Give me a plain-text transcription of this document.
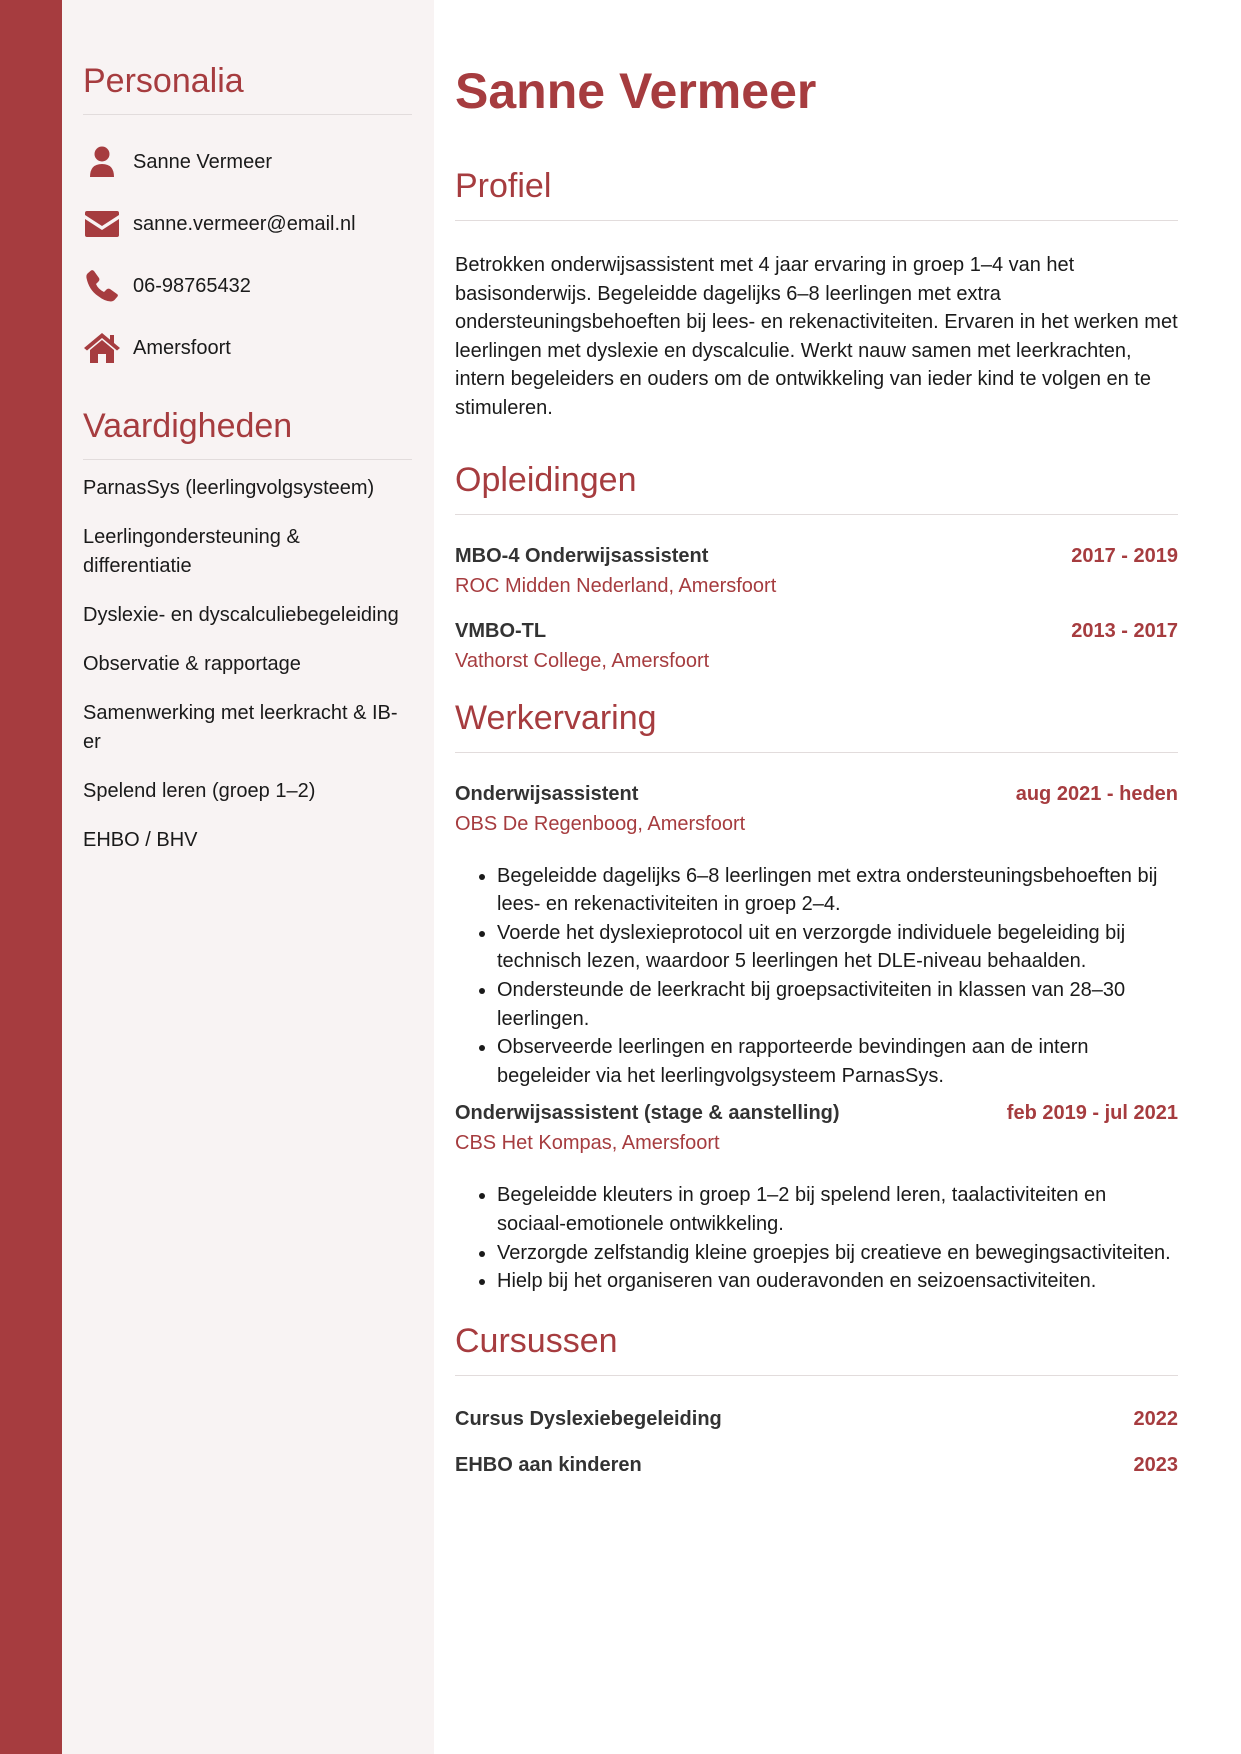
Personalia
Sanne Vermeer
sanne.vermeer@email.nl
06-98765432
Amersfoort
Vaardigheden
ParnasSys (leerlingvolgsysteem)
Leerlingondersteuning & differentiatie
Dyslexie- en dyscalculiebegeleiding
Observatie & rapportage
Samenwerking met leerkracht & IB-er
Spelend leren (groep 1–2)
EHBO / BHV
Sanne Vermeer
Profiel

Betrokken onderwijsassistent met 4 jaar ervaring in groep 1–4 van het basisonderwijs. Begeleidde dagelijks 6–8 leerlingen met extra ondersteuningsbehoeften bij lees- en rekenactiviteiten. Ervaren in het werken met leerlingen met dyslexie en dyscalculie. Werkt nauw samen met leerkrachten, intern begeleiders en ouders om de ontwikkeling van ieder kind te volgen en te stimuleren.

Opleidingen
MBO-4 Onderwijsassistent	2017 - 2019
ROC Midden Nederland, Amersfoort
VMBO-TL	2013 - 2017
Vathorst College, Amersfoort
Werkervaring
Onderwijsassistent	aug 2021 - heden
OBS De Regenboog, Amersfoort
• Begeleidde dagelijks 6–8 leerlingen met extra ondersteuningsbehoeften bij lees- en rekenactiviteiten in groep 2–4.
• Voerde het dyslexieprotocol uit en verzorgde individuele begeleiding bij technisch lezen, waardoor 5 leerlingen het DLE-niveau behaalden.
• Ondersteunde de leerkracht bij groepsactiviteiten in klassen van 28–30 leerlingen.
• Observeerde leerlingen en rapporteerde bevindingen aan de intern begeleider via het leerlingvolgsysteem ParnasSys.
Onderwijsassistent (stage & aanstelling)	feb 2019 - jul 2021
CBS Het Kompas, Amersfoort
• Begeleidde kleuters in groep 1–2 bij spelend leren, taalactiviteiten en sociaal-emotionele ontwikkeling.
• Verzorgde zelfstandig kleine groepjes bij creatieve en bewegingsactiviteiten.
• Hielp bij het organiseren van ouderavonden en seizoensactiviteiten.
Cursussen
Cursus Dyslexiebegeleiding	2022
EHBO aan kinderen	2023
